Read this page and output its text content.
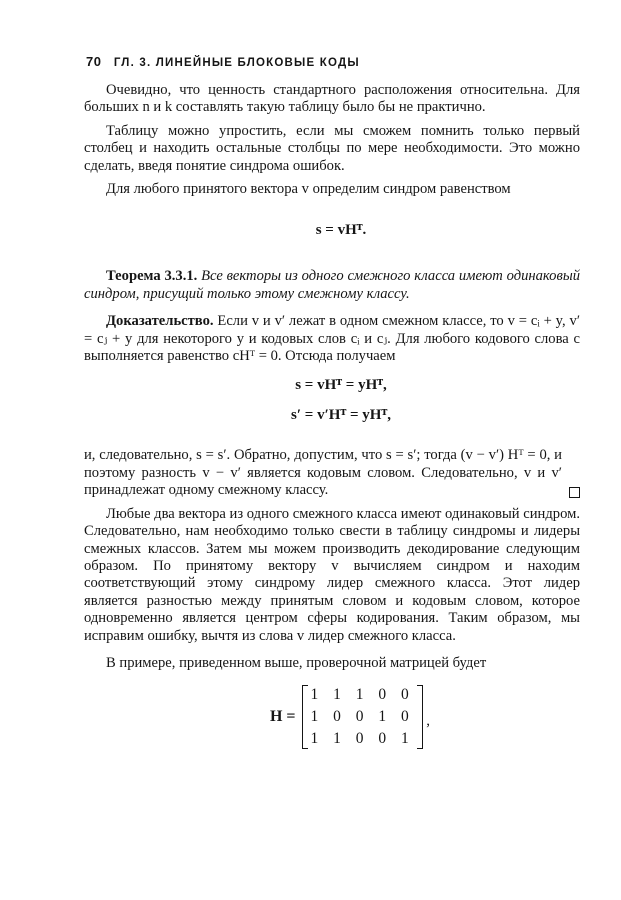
70 ГЛ. 3. ЛИНЕЙНЫЕ БЛОКОВЫЕ КОДЫ

Очевидно, что ценность стандартного расположения относительна. Для больших n и k составлять такую таблицу было бы не практично.

Таблицу можно упростить, если мы сможем помнить только первый столбец и находить остальные столбцы по мере необходимости. Это можно сделать, введя понятие синдрома ошибок.

Для любого принятого вектора v определим синдром равенством

s = vHᵀ.

Теорема 3.3.1. Все векторы из одного смежного класса имеют одинаковый синдром, присущий только этому смежному классу.

Доказательство. Если v и v′ лежат в одном смежном классе, то v = cᵢ + y, v′ = cⱼ + y для некоторого y и кодовых слов cᵢ и cⱼ. Для любого кодового слова c выполняется равенство cHᵀ = 0. Отсюда получаем

s = vHᵀ = yHᵀ,
s′ = v′Hᵀ = yHᵀ,

и, следовательно, s = s′. Обратно, допустим, что s = s′; тогда (v − v′) Hᵀ = 0, и поэтому разность v − v′ является кодовым словом. Следовательно, v и v′ принадлежат одному смежному классу.

Любые два вектора из одного смежного класса имеют одинаковый синдром. Следовательно, нам необходимо только свести в таблицу синдромы и лидеры смежных классов. Затем мы можем производить декодирование следующим образом. По принятому вектору v вычисляем синдром и находим соответствующий этому синдрому лидер смежного класса. Этот лидер является разностью между принятым словом и кодовым словом, которое одновременно является центром сферы кодирования. Таким образом, мы исправим ошибку, вычтя из слова v лидер смежного класса.

В примере, приведенном выше, проверочной матрицей будет

H =
1 1 1 0 0
1 0 0 1 0
1 1 0 0 1
,
